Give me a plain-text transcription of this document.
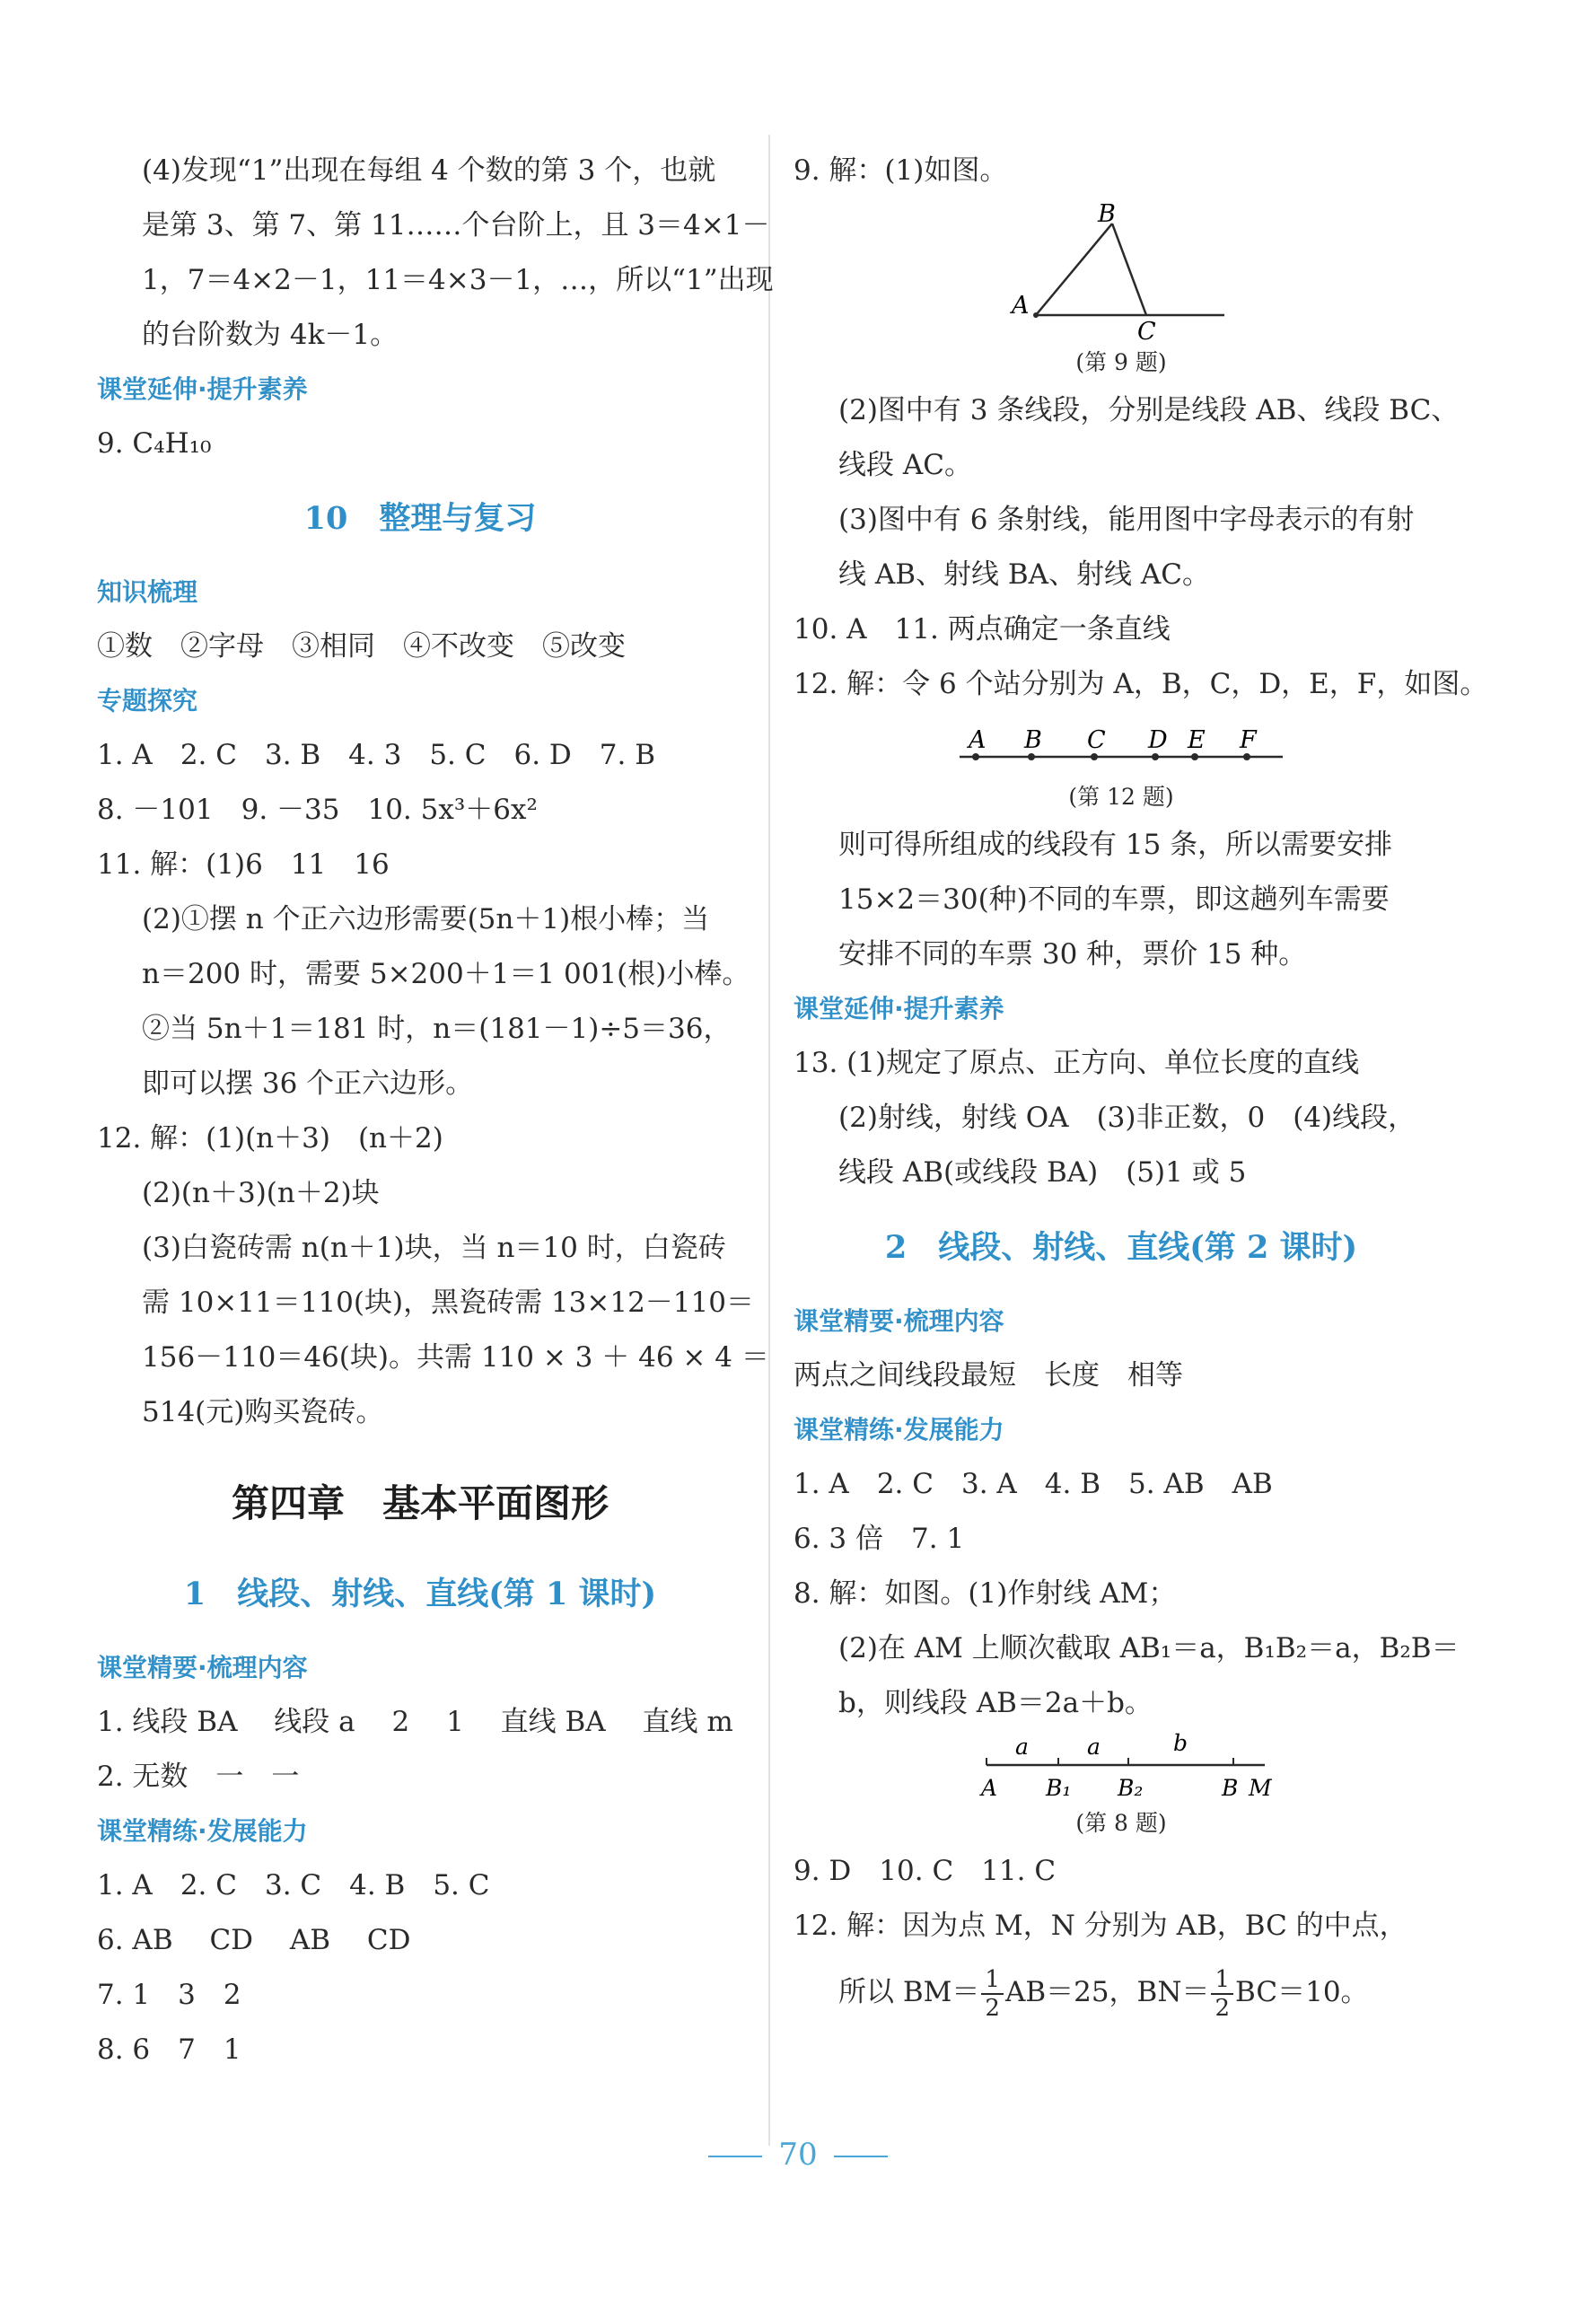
(4)发现“1”出现在每组 4 个数的第 3 个，也就
是第 3、第 7、第 11……个台阶上，且 3＝4×1－
1，7＝4×2－1，11＝4×3－1，…，所以“1”出现
的台阶数为 4k－1。
课堂延伸·提升素养
9. C₄H₁₀
10　整理与复习
知识梳理
①数　②字母　③相同　④不改变　⑤改变
专题探究
1. A　2. C　3. B　4. 3　5. C　6. D　7. B
8. －101　9. －35　10. 5x³＋6x²
11. 解：(1)6　11　16
(2)①摆 n 个正六边形需要(5n＋1)根小棒；当
n＝200 时，需要 5×200＋1＝1 001(根)小棒。
②当 5n＋1＝181 时，n＝(181－1)÷5＝36，
即可以摆 36 个正六边形。
12. 解：(1)(n＋3)　(n＋2)
(2)(n＋3)(n＋2)块
(3)白瓷砖需 n(n＋1)块，当 n＝10 时，白瓷砖
需 10×11＝110(块)，黑瓷砖需 13×12－110＝
156－110＝46(块)。共需 110 × 3 ＋ 46 × 4 ＝
514(元)购买瓷砖。
第四章　基本平面图形
1　线段、射线、直线(第 1 课时)
课堂精要·梳理内容
1. 线段 BA　 线段 a　 2　 1　 直线 BA　 直线 m
2. 无数　一　一
课堂精练·发展能力
1. A　2. C　3. C　4. B　5. C
6. AB　 CD　 AB　 CD
7. 1　3　2
8. 6　7　1
9. 解：(1)如图。
B
A
C
(第 9 题)
(2)图中有 3 条线段，分别是线段 AB、线段 BC、
线段 AC。
(3)图中有 6 条射线，能用图中字母表示的有射
线 AB、射线 BA、射线 AC。
10. A　11. 两点确定一条直线
12. 解：令 6 个站分别为 A，B，C，D，E，F，如图。
A B C D E F
(第 12 题)
则可得所组成的线段有 15 条，所以需要安排
15×2＝30(种)不同的车票，即这趟列车需要
安排不同的车票 30 种，票价 15 种。
课堂延伸·提升素养
13. (1)规定了原点、正方向、单位长度的直线
(2)射线，射线 OA　(3)非正数，0　(4)线段，
线段 AB(或线段 BA)　(5)1 或 5
2　线段、射线、直线(第 2 课时)
课堂精要·梳理内容
两点之间线段最短　长度　相等
课堂精练·发展能力
1. A　2. C　3. A　4. B　5. AB　AB
6. 3 倍　7. 1
8. 解：如图。(1)作射线 AM；
(2)在 AM 上顺次截取 AB₁＝a，B₁B₂＝a，B₂B＝
b，则线段 AB＝2a＋b。
a	a	b
A B₁ B₂	B M
(第 8 题)
9. D　10. C　11. C
12. 解：因为点 M，N 分别为 AB，BC 的中点，
所以 $BM= \frac{1}{2} AB=25$，$BN= \frac{1}{2} BC=10$。
70
